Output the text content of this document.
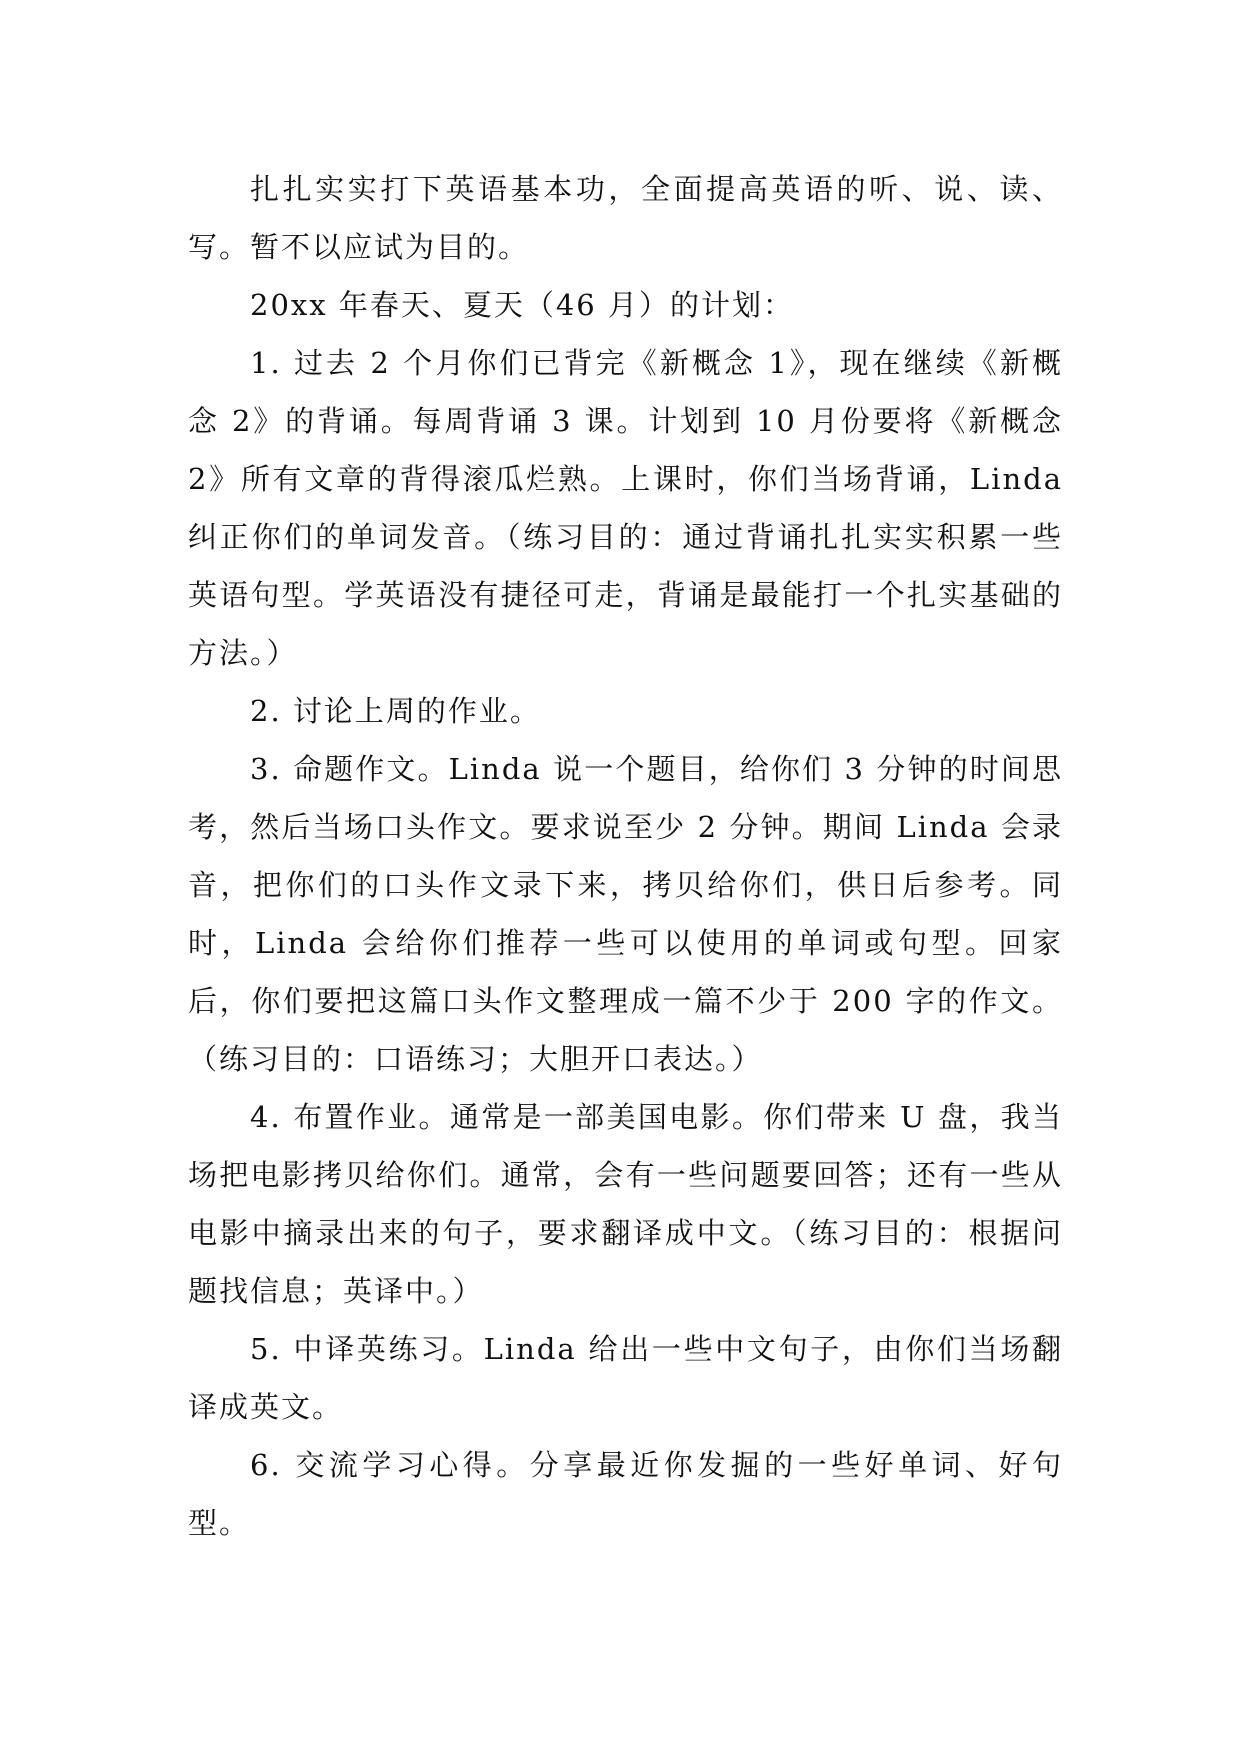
扎扎实实打下英语基本功，全面提高英语的听、说、读、写。暂不以应试为目的。

20xx 年春天、夏天（46 月）的计划：

1. 过去 2 个月你们已背完《新概念 1》，现在继续《新概念 2》的背诵。每周背诵 3 课。计划到 10 月份要将《新概念 2》所有文章的背得滚瓜烂熟。上课时，你们当场背诵，Linda 纠正你们的单词发音。（练习目的：通过背诵扎扎实实积累一些英语句型。学英语没有捷径可走，背诵是最能打一个扎实基础的方法。）

2. 讨论上周的作业。

3. 命题作文。Linda 说一个题目，给你们 3 分钟的时间思考，然后当场口头作文。要求说至少 2 分钟。期间 Linda 会录音，把你们的口头作文录下来，拷贝给你们，供日后参考。同时，Linda 会给你们推荐一些可以使用的单词或句型。回家后，你们要把这篇口头作文整理成一篇不少于 200 字的作文。（练习目的：口语练习；大胆开口表达。）

4. 布置作业。通常是一部美国电影。你们带来 U 盘，我当场把电影拷贝给你们。通常，会有一些问题要回答；还有一些从电影中摘录出来的句子，要求翻译成中文。（练习目的：根据问题找信息；英译中。）

5. 中译英练习。Linda 给出一些中文句子，由你们当场翻译成英文。

6. 交流学习心得。分享最近你发掘的一些好单词、好句型。
